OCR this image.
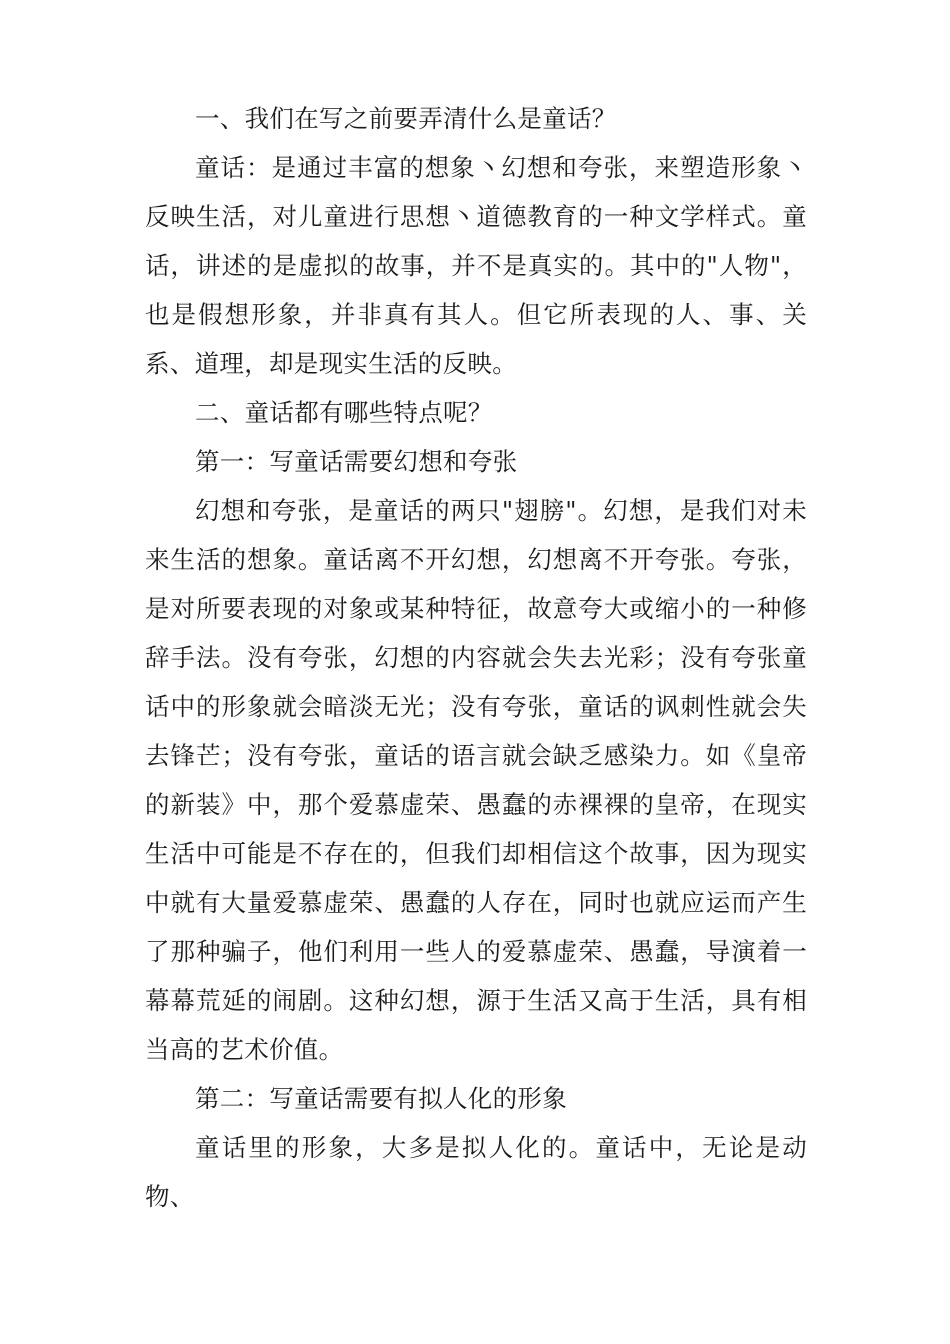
一、我们在写之前要弄清什么是童话？

童话：是通过丰富的想象丶幻想和夸张，来塑造形象丶反映生活，对儿童进行思想丶道德教育的一种文学样式。童话，讲述的是虚拟的故事，并不是真实的。其中的"人物"，也是假想形象，并非真有其人。但它所表现的人、事、关系、道理，却是现实生活的反映。

二、童话都有哪些特点呢？

第一：写童话需要幻想和夸张

幻想和夸张，是童话的两只"翅膀"。幻想，是我们对未来生活的想象。童话离不开幻想，幻想离不开夸张。夸张，是对所要表现的对象或某种特征，故意夸大或缩小的一种修辞手法。没有夸张，幻想的内容就会失去光彩；没有夸张童话中的形象就会暗淡无光；没有夸张，童话的讽刺性就会失去锋芒；没有夸张，童话的语言就会缺乏感染力。如《皇帝的新装》中，那个爱慕虚荣、愚蠢的赤裸裸的皇帝，在现实生活中可能是不存在的，但我们却相信这个故事，因为现实中就有大量爱慕虚荣、愚蠢的人存在，同时也就应运而产生了那种骗子，他们利用一些人的爱慕虚荣、愚蠢，导演着一幕幕荒延的闹剧。这种幻想，源于生活又高于生活，具有相当高的艺术价值。

第二：写童话需要有拟人化的形象

童话里的形象，大多是拟人化的。童话中，无论是动物、
